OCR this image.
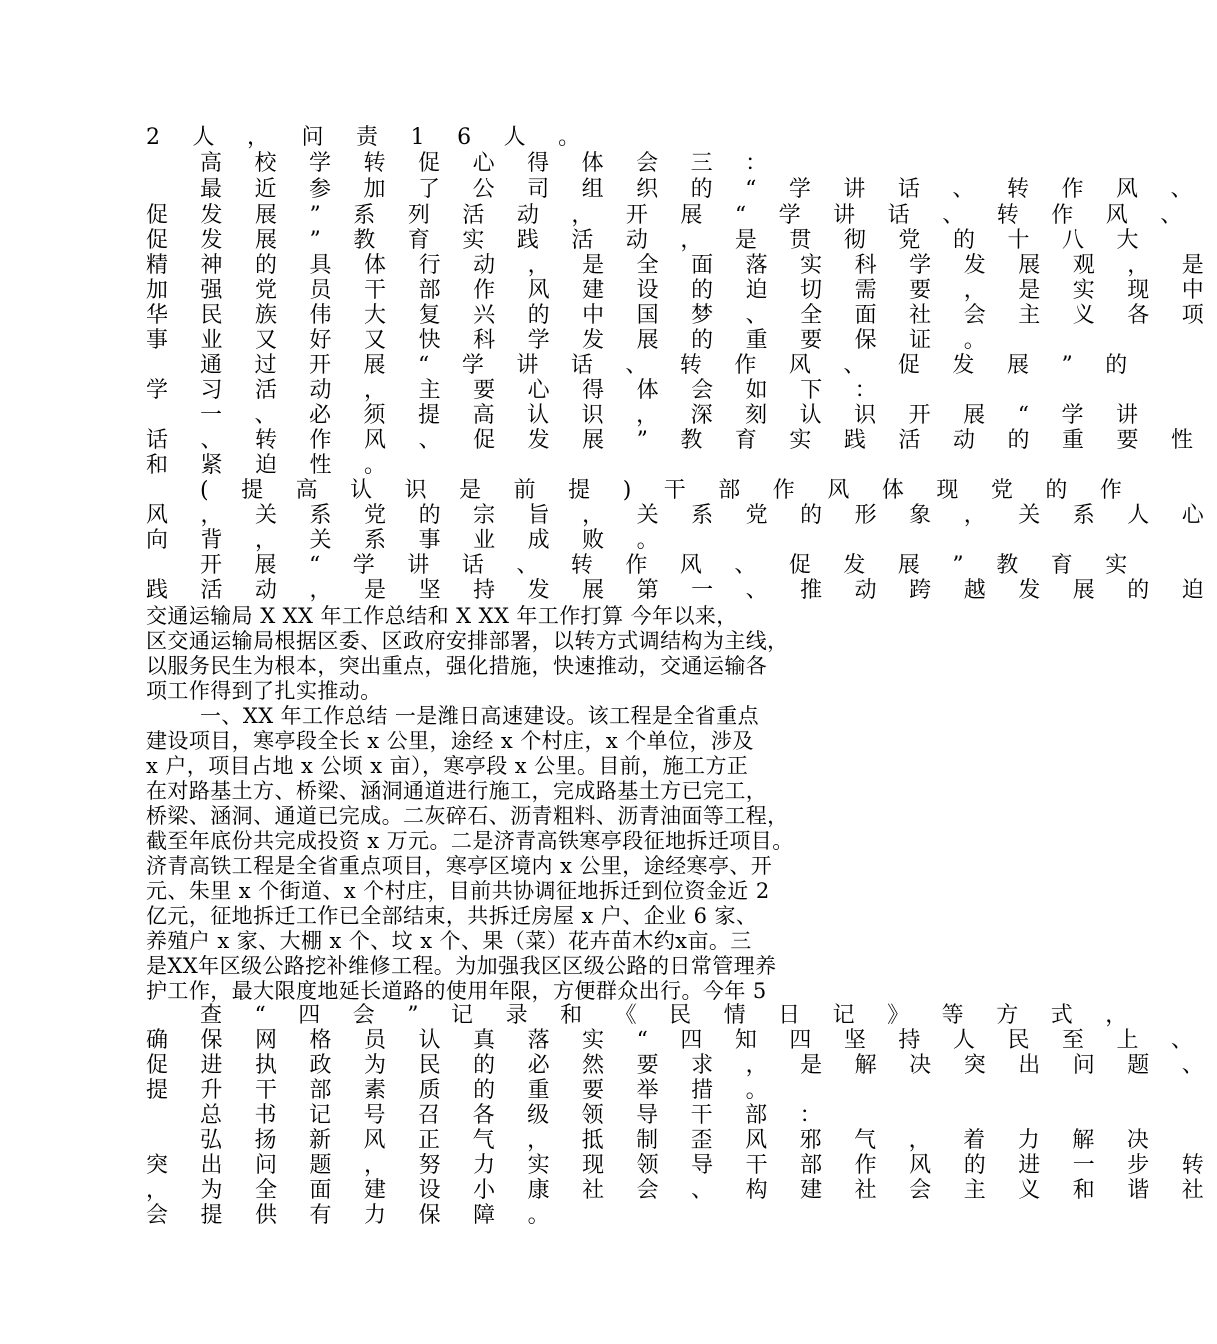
2 人 ， 问 责 1 6 人 。
高 校 学 转 促 心 得 体 会 三 ：
最 近 参 加 了 公 司 组 织 的 “ 学 讲 话 、 转 作 风 、
促 发 展 ” 系 列 活 动 ， 开 展 “ 学 讲 话 、 转 作 风 、
促 发 展 ” 教 育 实 践 活 动 ， 是 贯 彻 党 的 十 八 大
精 神 的 具 体 行 动 ， 是 全 面 落 实 科 学 发 展 观 ， 是
加 强 党 员 干 部 作 风 建 设 的 迫 切 需 要 ， 是 实 现 中
华 民 族 伟 大 复 兴 的 中 国 梦 、 全 面 社 会 主 义 各 项
事 业 又 好 又 快 科 学 发 展 的 重 要 保 证 。
通 过 开 展 “ 学 讲 话 、 转 作 风 、 促 发 展 ” 的
学 习 活 动 ， 主 要 心 得 体 会 如 下 ：
一 、 必 须 提 高 认 识 ， 深 刻 认 识 开 展 “ 学 讲
话 、 转 作 风 、 促 发 展 ” 教 育 实 践 活 动 的 重 要 性
和 紧 迫 性 。
( 提 高 认 识 是 前 提 ) 干 部 作 风 体 现 党 的 作
风 ， 关 系 党 的 宗 旨 ， 关 系 党 的 形 象 ， 关 系 人 心
向 背 ， 关 系 事 业 成 败 。
开 展 “ 学 讲 话 、 转 作 风 、 促 发 展 ” 教 育 实
践 活 动 ， 是 坚 持 发 展 第 一 、 推 动 跨 越 发 展 的 迫
交通运输局 X XX 年工作总结和 X XX 年工作打算 今年以来，
区交通运输局根据区委、区政府安排部署，以转方式调结构为主线，
以服务民生为根本，突出重点，强化措施，快速推动，交通运输各
项工作得到了扎实推动。
一、XX 年工作总结 一是潍日高速建设。该工程是全省重点
建设项目，寒亭段全长 x 公里，途经 x 个村庄，x 个单位，涉及
x 户，项目占地 x 公顷 x 亩），寒亭段 x 公里。目前，施工方正
在对路基土方、桥梁、涵洞通道进行施工，完成路基土方已完工，
桥梁、涵洞、通道已完成。二灰碎石、沥青粗料、沥青油面等工程，
截至年底份共完成投资 x 万元。二是济青高铁寒亭段征地拆迁项目。
济青高铁工程是全省重点项目，寒亭区境内 x 公里，途经寒亭、开
元、朱里 x 个街道、x 个村庄，目前共协调征地拆迁到位资金近 2
亿元，征地拆迁工作已全部结束，共拆迁房屋 x 户、企业 6 家、
养殖户 x 家、大棚 x 个、坟 x 个、果（菜）花卉苗木约x亩。三
是XX年区级公路挖补维修工程。为加强我区区级公路的日常管理养
护工作，最大限度地延长道路的使用年限，方便群众出行。今年 5
查 “ 四 会 ” 记 录 和 《 民 情 日 记 》 等 方 式 ，
确 保 网 格 员 认 真 落 实 “ 四 知 四 坚 持 人 民 至 上 、
促 进 执 政 为 民 的 必 然 要 求 ， 是 解 决 突 出 问 题 、
提 升 干 部 素 质 的 重 要 举 措 。
总 书 记 号 召 各 级 领 导 干 部 ：
弘 扬 新 风 正 气 ， 抵 制 歪 风 邪 气 ， 着 力 解 决
突 出 问 题 ， 努 力 实 现 领 导 干 部 作 风 的 进 一 步 转
， 为 全 面 建 设 小 康 社 会 、 构 建 社 会 主 义 和 谐 社
会 提 供 有 力 保 障 。
